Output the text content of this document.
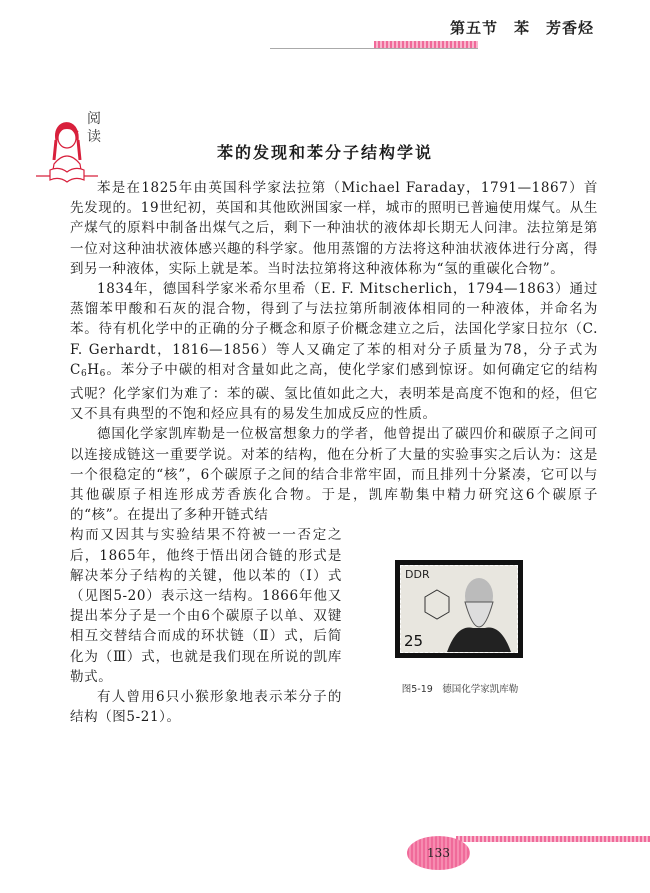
第五节　苯　芳香烃
阅读
苯的发现和苯分子结构学说

苯是在1825年由英国科学家法拉第（Michael Faraday，1791—1867）首先发现的。19世纪初，英国和其他欧洲国家一样，城市的照明已普遍使用煤气。从生产煤气的原料中制备出煤气之后，剩下一种油状的液体却长期无人问津。法拉第是第一位对这种油状液体感兴趣的科学家。他用蒸馏的方法将这种油状液体进行分离，得到另一种液体，实际上就是苯。当时法拉第将这种液体称为“氢的重碳化合物”。

1834年，德国科学家米希尔里希（E. F. Mitscherlich，1794—1863）通过蒸馏苯甲酸和石灰的混合物，得到了与法拉第所制液体相同的一种液体，并命名为苯。待有机化学中的正确的分子概念和原子价概念建立之后，法国化学家日拉尔（C. F. Gerhardt，1816—1856）等人又确定了苯的相对分子质量为78，分子式为$C_6H_6$。苯分子中碳的相对含量如此之高，使化学家们感到惊讶。如何确定它的结构式呢？化学家们为难了：苯的碳、氢比值如此之大，表明苯是高度不饱和的烃，但它又不具有典型的不饱和烃应具有的易发生加成反应的性质。

德国化学家凯库勒是一位极富想象力的学者，他曾提出了碳四价和碳原子之间可以连接成链这一重要学说。对苯的结构，他在分析了大量的实验事实之后认为：这是一个很稳定的“核”，6个碳原子之间的结合非常牢固，而且排列十分紧凑，它可以与其他碳原子相连形成芳香族化合物。于是，凯库勒集中精力研究这6个碳原子的“核”。在提出了多种开链式结

构而又因其与实验结果不符被一一否定之后，1865年，他终于悟出闭合链的形式是解决苯分子结构的关键，他以苯的（Ⅰ）式（见图5-20）表示这一结构。1866年他又提出苯分子是一个由6个碳原子以单、双键相互交替结合而成的环状链（Ⅱ）式，后简化为（Ⅲ）式，也就是我们现在所说的凯库勒式。

有人曾用6只小猴形象地表示苯分子的结构（图5-21）。

DDR
25
图5-19　德国化学家凯库勒
133
